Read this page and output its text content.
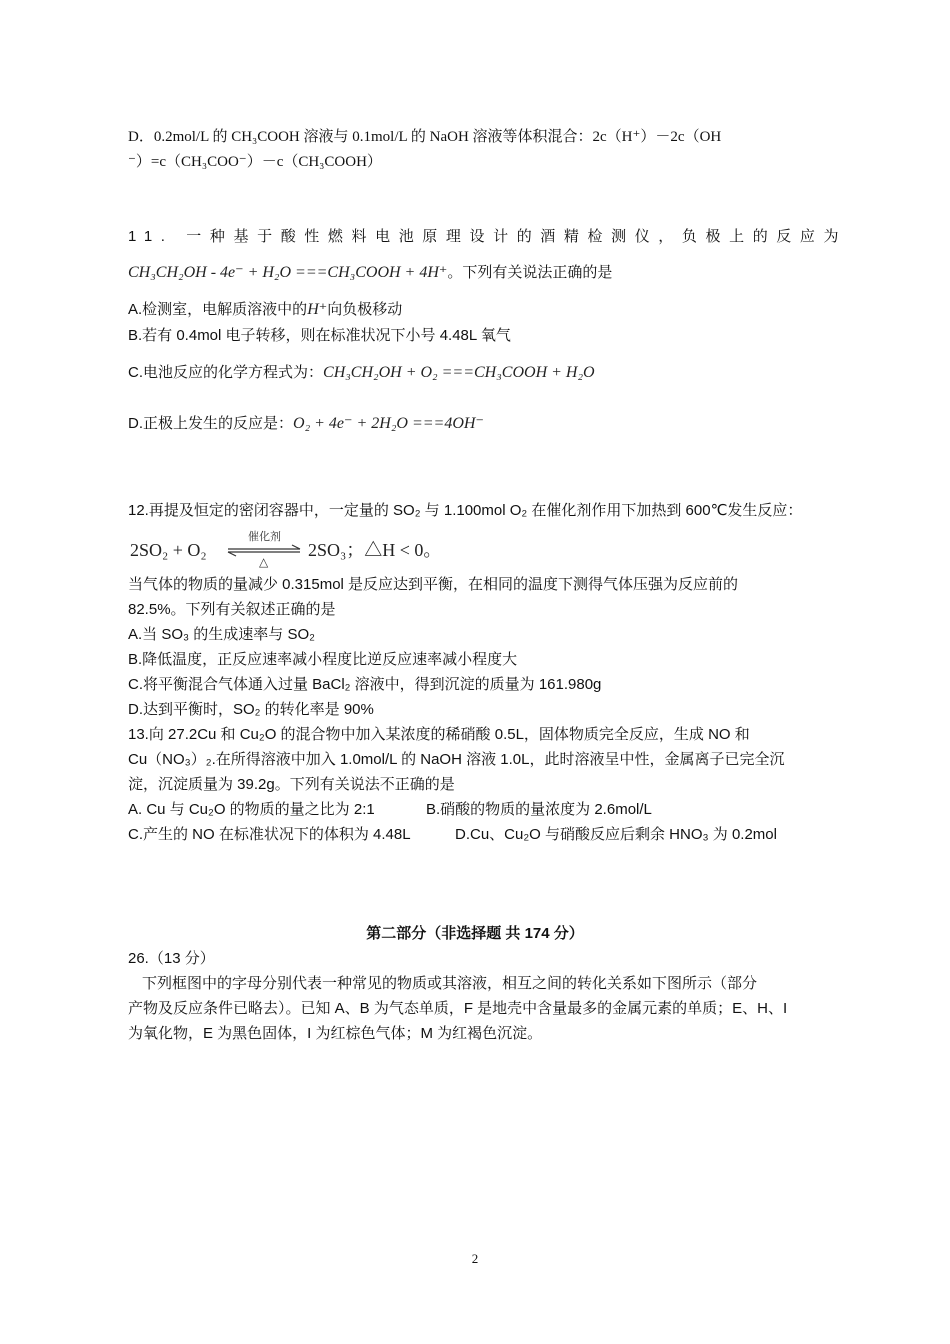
D．0.2mol/L 的 CH₃COOH 溶液与 0.1mol/L 的 NaOH 溶液等体积混合：2c（H⁺）－2c（OH
⁻）=c（CH₃COO⁻）－c（CH₃COOH）
11. 一种基于酸性燃料电池原理设计的酒精检测仪，负极上的反应为
CH₃CH₂OH - 4e⁻ + H₂O ===CH₃COOH + 4H⁺。下列有关说法正确的是
A.检测室，电解质溶液中的H⁺向负极移动
B.若有 0.4mol 电子转移，则在标准状况下小号 4.48L 氧气
C.电池反应的化学方程式为：CH₃CH₂OH + O₂ ===CH₃COOH + H₂O
D.正极上发生的反应是：O₂ + 4e⁻ + 2H₂O ===4OH⁻
12.再提及恒定的密闭容器中，一定量的 SO₂ 与 1.100mol O₂ 在催化剂作用下加热到 600℃发生反应：
2SO₂ + O₂
催化剂
△
2SO₃；△H < 0。
当气体的物质的量减少 0.315mol 是反应达到平衡，在相同的温度下测得气体压强为反应前的
82.5%。下列有关叙述正确的是
A.当 SO₃ 的生成速率与 SO₂
B.降低温度，正反应速率减小程度比逆反应速率减小程度大
C.将平衡混合气体通入过量 BaCl₂ 溶液中，得到沉淀的质量为 161.980g
D.达到平衡时，SO₂ 的转化率是 90%
13.向 27.2Cu 和 Cu₂O 的混合物中加入某浓度的稀硝酸 0.5L，固体物质完全反应，生成 NO 和
Cu（NO₃）₂.在所得溶液中加入 1.0mol/L 的 NaOH 溶液 1.0L，此时溶液呈中性，金属离子已完全沉
淀，沉淀质量为 39.2g。下列有关说法不正确的是
A. Cu 与 Cu₂O 的物质的量之比为 2:1	B.硝酸的物质的量浓度为 2.6mol/L
C.产生的 NO 在标准状况下的体积为 4.48L	D.Cu、Cu₂O 与硝酸反应后剩余 HNO₃ 为 0.2mol
第二部分（非选择题 共 174 分）
26.（13 分）
下列框图中的字母分别代表一种常见的物质或其溶液，相互之间的转化关系如下图所示（部分
产物及反应条件已略去）。已知 A、B 为气态单质，F 是地壳中含量最多的金属元素的单质；E、H、I
为氧化物，E 为黑色固体，I 为红棕色气体；M 为红褐色沉淀。
2
